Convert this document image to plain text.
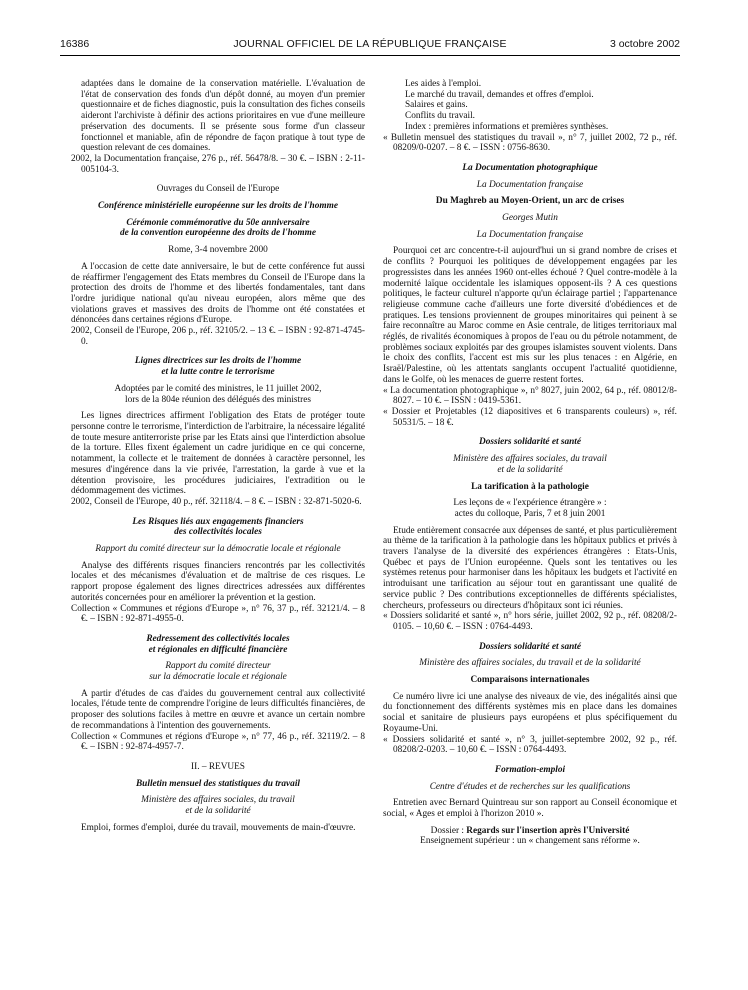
16386	JOURNAL OFFICIEL DE LA RÉPUBLIQUE FRANÇAISE	3 octobre 2002

adaptées dans le domaine de la conservation matérielle. L'évaluation de l'état de conservation des fonds d'un dépôt donné, au moyen d'un premier questionnaire et de fiches diagnostic, puis la consultation des fiches conseils aideront l'archiviste à définir des actions prioritaires en vue d'une meilleure préservation des documents. Il se présente sous forme d'un classeur fonctionnel et maniable, afin de répondre de façon pratique à tout type de question relevant de ces domaines.

2002, la Documentation française, 276 p., réf. 56478/8. – 30 €. – ISBN : 2-11-005104-3.

Ouvrages du Conseil de l'Europe

Conférence ministérielle européenne sur les droits de l'homme

Cérémonie commémorative du 50e anniversaire

de la convention européenne des droits de l'homme

Rome, 3-4 novembre 2000

A l'occasion de cette date anniversaire, le but de cette conférence fut aussi de réaffirmer l'engagement des Etats membres du Conseil de l'Europe dans la protection des droits de l'homme et des libertés fondamentales, tant dans l'ordre juridique national qu'au niveau européen, alors même que des violations graves et massives des droits de l'homme ont été constatées et dénoncées dans certaines régions d'Europe.

2002, Conseil de l'Europe, 206 p., réf. 32105/2. – 13 €. – ISBN : 92-871-4745-0.

Lignes directrices sur les droits de l'homme

et la lutte contre le terrorisme

Adoptées par le comité des ministres, le 11 juillet 2002,

lors de la 804e réunion des délégués des ministres

Les lignes directrices affirment l'obligation des Etats de protéger toute personne contre le terrorisme, l'interdiction de l'arbitraire, la nécessaire légalité de toute mesure antiterroriste prise par les Etats ainsi que l'interdiction absolue de la torture. Elles fixent également un cadre juridique en ce qui concerne, notamment, la collecte et le traitement de données à caractère personnel, les mesures d'ingérence dans la vie privée, l'arrestation, la garde à vue et la détention provisoire, les procédures judiciaires, l'extradition ou le dédommagement des victimes.

2002, Conseil de l'Europe, 40 p., réf. 32118/4. – 8 €. – ISBN : 32-871-5020-6.

Les Risques liés aux engagements financiers

des collectivités locales

Rapport du comité directeur sur la démocratie locale et régionale

Analyse des différents risques financiers rencontrés par les collectivités locales et des mécanismes d'évaluation et de maîtrise de ces risques. Le rapport propose également des lignes directrices adressées aux différentes autorités concernées pour en améliorer la prévention et la gestion.

Collection « Communes et régions d'Europe », n° 76, 37 p., réf. 32121/4. – 8 €. – ISBN : 92-871-4955-0.

Redressement des collectivités locales

et régionales en difficulté financière

Rapport du comité directeur

sur la démocratie locale et régionale

A partir d'études de cas d'aides du gouvernement central aux collectivité locales, l'étude tente de comprendre l'origine de leurs difficultés financières, de proposer des solutions faciles à mettre en œuvre et avance un certain nombre de recommandations à l'intention des gouvernements.

Collection « Communes et régions d'Europe », n° 77, 46 p., réf. 32119/2. – 8 €. – ISBN : 92-874-4957-7.

II. – REVUES

Bulletin mensuel des statistiques du travail

Ministère des affaires sociales, du travail

et de la solidarité

Emploi, formes d'emploi, durée du travail, mouvements de main-d'œuvre.

Les aides à l'emploi.

Le marché du travail, demandes et offres d'emploi.

Salaires et gains.

Conflits du travail.

Index : premières informations et premières synthèses.

« Bulletin mensuel des statistiques du travail », n° 7, juillet 2002, 72 p., réf. 08209/0-0207. – 8 €. – ISSN : 0756-8630.

La Documentation photographique

La Documentation française

Du Maghreb au Moyen-Orient, un arc de crises

Georges Mutin

La Documentation française

Pourquoi cet arc concentre-t-il aujourd'hui un si grand nombre de crises et de conflits ? Pourquoi les politiques de développement engagées par les progressistes dans les années 1960 ont-elles échoué ? Quel contre-modèle à la modernité laïque occidentale les islamiques opposent-ils ? A ces questions politiques, le facteur culturel n'apporte qu'un éclairage partiel ; l'appartenance religieuse commune cache d'ailleurs une forte diversité d'obédiences et de pratiques. Les tensions proviennent de groupes minoritaires qui peinent à se faire reconnaître au Maroc comme en Asie centrale, de litiges territoriaux mal réglés, de rivalités économiques à propos de l'eau ou du pétrole notamment, de problèmes sociaux exploités par des groupes islamistes souvent violents. Dans le choix des conflits, l'accent est mis sur les plus tenaces : en Algérie, en Israël/Palestine, où les attentats sanglants occupent l'actualité quotidienne, dans le Golfe, où les menaces de guerre restent fortes.

« La documentation photographique », n° 8027, juin 2002, 64 p., réf. 08012/8-8027. – 10 €. – ISSN : 0419-5361.

« Dossier et Projetables (12 diapositives et 6 transparents couleurs) », réf. 50531/5. – 18 €.

Dossiers solidarité et santé

Ministère des affaires sociales, du travail

et de la solidarité

La tarification à la pathologie

Les leçons de « l'expérience étrangère » :

actes du colloque, Paris, 7 et 8 juin 2001

Etude entièrement consacrée aux dépenses de santé, et plus particulièrement au thème de la tarification à la pathologie dans les hôpitaux publics et privés à travers l'analyse de la diversité des expériences étrangères : Etats-Unis, Québec et pays de l'Union européenne. Quels sont les tentatives ou les systèmes retenus pour harmoniser dans les hôpitaux les budgets et l'activité en introduisant une tarification au séjour tout en garantissant une qualité de service public ? Des contributions exceptionnelles de différents spécialistes, chercheurs, professeurs ou directeurs d'hôpitaux sont ici réunies.

« Dossiers solidarité et santé », n° hors série, juillet 2002, 92 p., réf. 08208/2-0105. – 10,60 €. – ISSN : 0764-4493.

Dossiers solidarité et santé

Ministère des affaires sociales, du travail et de la solidarité

Comparaisons internationales

Ce numéro livre ici une analyse des niveaux de vie, des inégalités ainsi que du fonctionnement des différents systèmes mis en place dans les domaines social et sanitaire de plusieurs pays européens et plus spécifiquement du Royaume-Uni.

« Dossiers solidarité et santé », n° 3, juillet-septembre 2002, 92 p., réf. 08208/2-0203. – 10,60 €. – ISSN : 0764-4493.

Formation-emploi

Centre d'études et de recherches sur les qualifications

Entretien avec Bernard Quintreau sur son rapport au Conseil économique et social, « Ages et emploi à l'horizon 2010 ».

Dossier : Regards sur l'insertion après l'Université

Enseignement supérieur : un « changement sans réforme ».
